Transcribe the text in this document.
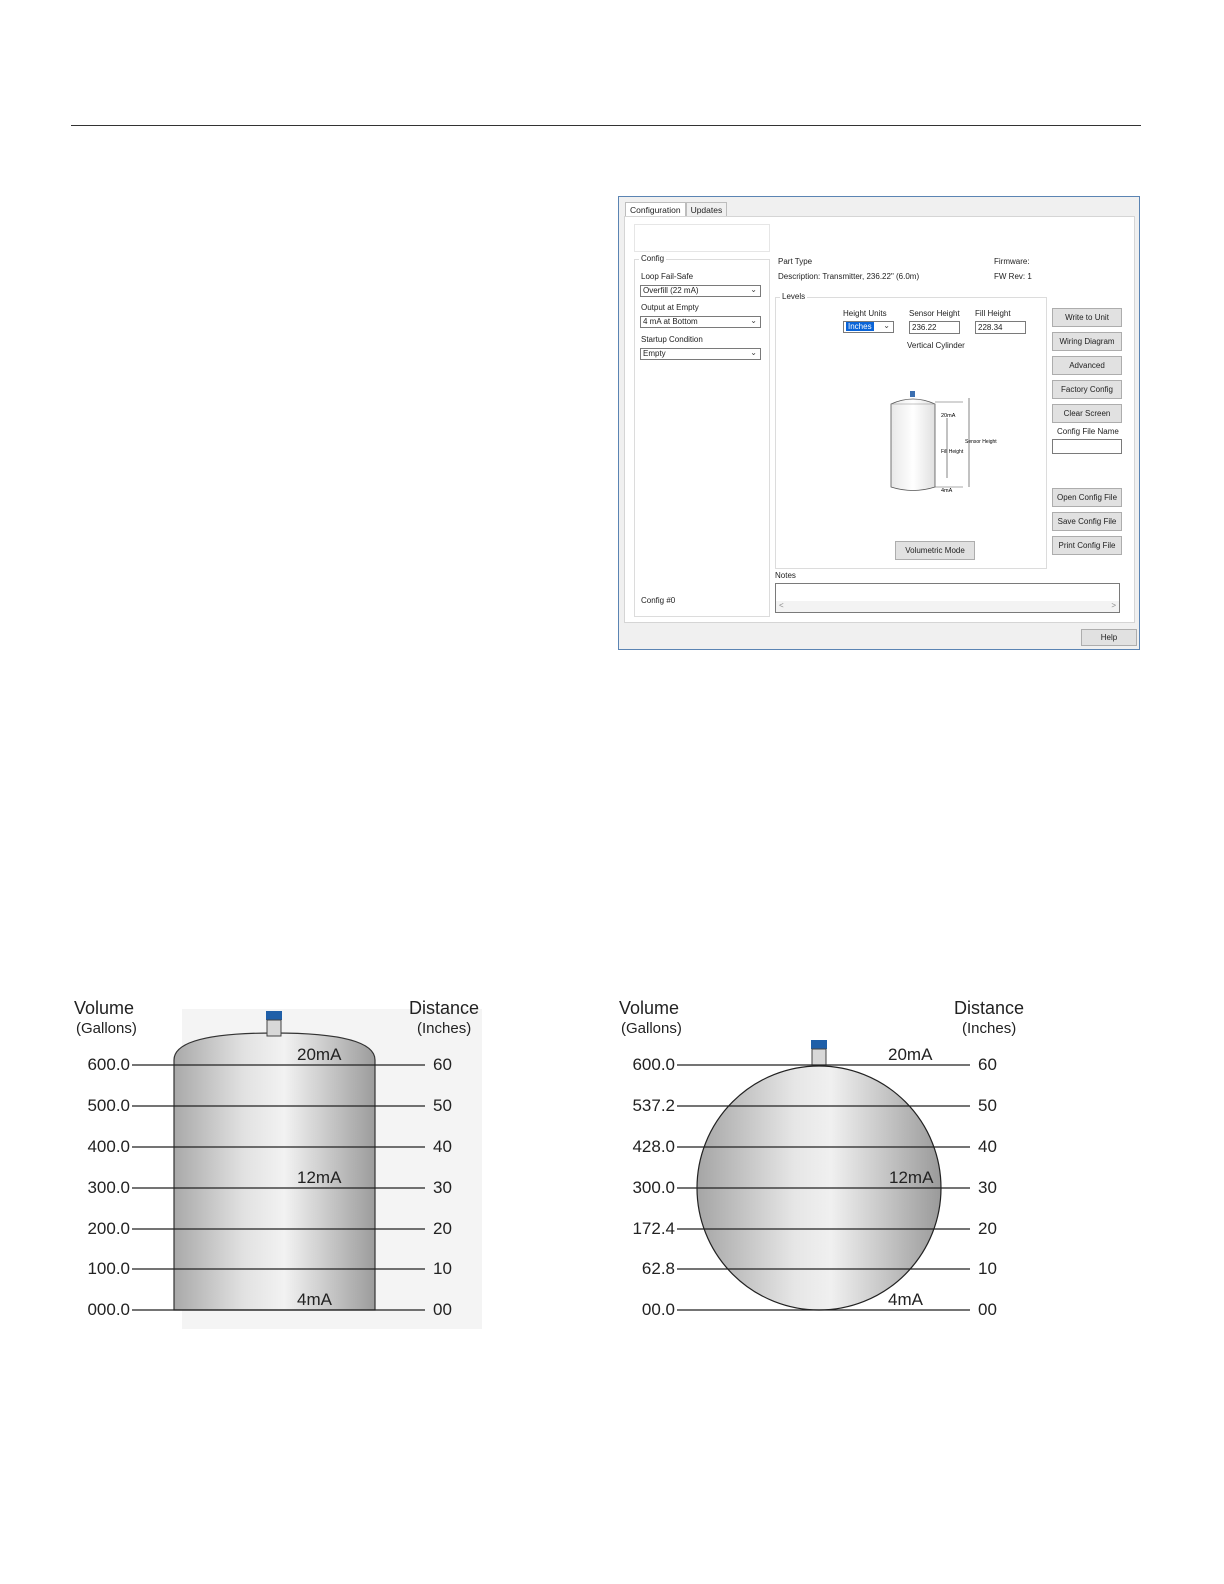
Configuration	Updates
Config
Loop Fail-Safe
Overfill (22 mA)	⌄
Output at Empty
4 mA at Bottom	⌄
Startup Condition
Empty	⌄
Config #0
Part Type
Description: Transmitter, 236.22" (6.0m)
Firmware:
FW Rev: 1
Levels
Height Units
Inches ⌄
Sensor Height
236.22
Fill Height
228.34
Vertical Cylinder
20mA
4mA
Fill Height
Sensor Height
Volumetric Mode
Write to Unit
Wiring Diagram
Advanced
Factory Config
Clear Screen
Config File Name
Open Config File
Save Config File
Print Config File
Notes
<	>
Help
Volume
(Gallons)
Distance
(Inches)
600.0
500.0
400.0
300.0
200.0
100.0
000.0
60
50
40
30
20
10
00
20mA
12mA
4mA
Volume
(Gallons)
Distance
(Inches)
600.0
537.2
428.0
300.0
172.4
62.8
00.0
60
50
40
30
20
10
00
20mA
12mA
4mA
